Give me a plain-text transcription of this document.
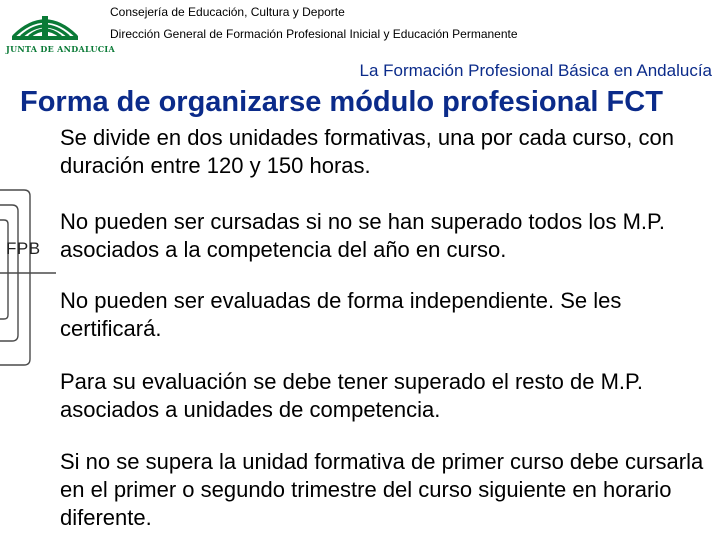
JUNTA DE ANDALUCIA
Consejería de Educación, Cultura y Deporte
Dirección General de Formación Profesional Inicial y Educación Permanente
La Formación Profesional Básica en Andalucía
Forma de organizarse módulo profesional FCT
FPB
Se divide en dos unidades formativas, una por cada curso, con duración entre 120 y 150 horas.
No pueden ser cursadas si no se han superado todos los M.P. asociados a la competencia del año en curso.
No pueden ser evaluadas de forma independiente. Se les certificará.
Para su evaluación se debe tener superado el resto de M.P. asociados a unidades de competencia.
Si no se supera la unidad formativa de primer curso debe cursarla en el primer o segundo trimestre del curso siguiente en horario diferente.
